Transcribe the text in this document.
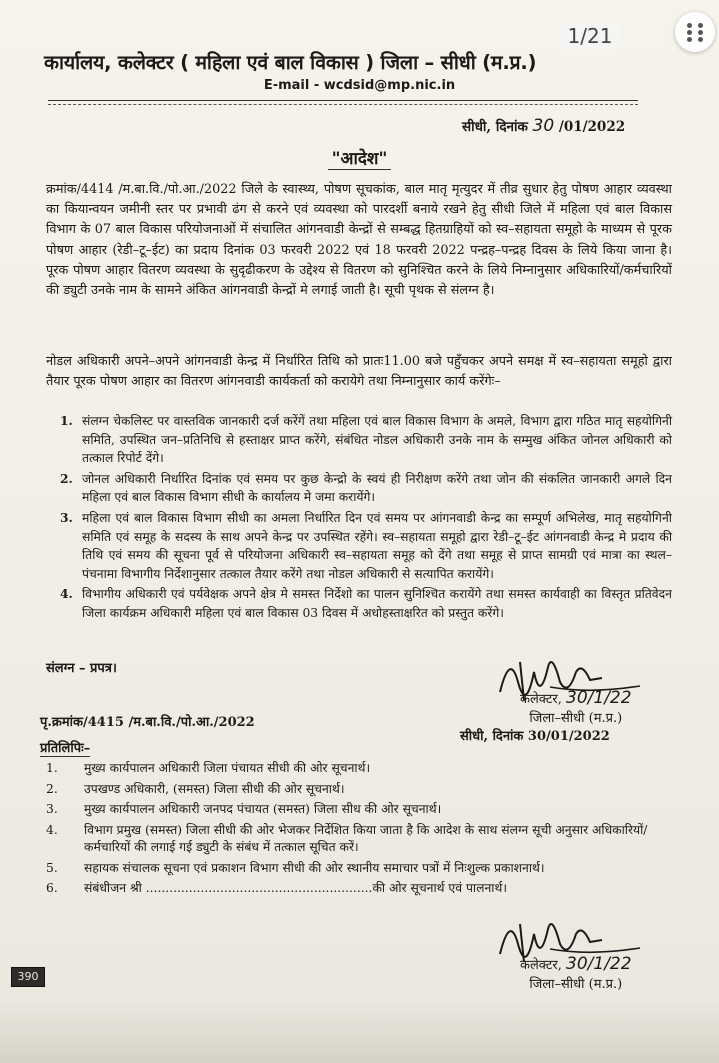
कार्यालय, कलेक्टर ( महिला एवं बाल विकास ) जिला – सीधी (म.प्र.)
E-mail - wcdsid@mp.nic.in
सीधी, दिनांक 30 /01/2022
"आदेश"
क्रमांक/4414 /म.बा.वि./पो.आ./2022 जिले के स्वास्थ्य, पोषण सूचकांक, बाल मातृ मृत्युदर में तीव्र सुधार हेतु पोषण आहार व्यवस्था का कियान्वयन जमीनी स्तर पर प्रभावी ढंग से करने एवं व्यवस्था को पारदर्शी बनाये रखने हेतु सीधी जिले में महिला एवं बाल विकास विभाग के 07 बाल विकास परियोजनाओं में संचालित आंगनवाडी केन्द्रों से सम्बद्ध हितग्राहियों को स्व–सहायता समूहो के माध्यम से पूरक पोषण आहार (रेडी–टू–ईट) का प्रदाय दिनांक 03 फरवरी 2022 एवं 18 फरवरी 2022 पन्द्रह–पन्द्रह दिवस के लिये किया जाना है। पूरक पोषण आहार वितरण व्यवस्था के सुदृढीकरण के उद्देश्य से वितरण को सुनिश्चित करने के लिये निम्नानुसार अधिकारियों/कर्मचारियों की ड्युटी उनके नाम के सामने अंकित आंगनवाडी केन्द्रों मे लगाई जाती है। सूची पृथक से संलग्न है।
नोडल अधिकारी अपने–अपने आंगनवाडी केन्द्र में निर्धारित तिथि को प्रातः11.00 बजे पहुँचकर अपने समक्ष में स्व–सहायता समूहो द्वारा तैयार पूरक पोषण आहार का वितरण आंगनवाडी कार्यकर्ता को करायेगे तथा निम्नानुसार कार्य करेंगेः–
1. संलग्न चेकलिस्ट पर वास्तविक जानकारी दर्ज करेंगें तथा महिला एवं बाल विकास विभाग के अमले, विभाग द्वारा गठित मातृ सहयोगिनी समिति, उपस्थित जन–प्रतिनिधि से हस्ताक्षर प्राप्त करेंगे, संबंधित नोडल अधिकारी उनके नाम के सम्मुख अंकित जोनल अधिकारी को तत्काल रिपोर्ट देंगे।
2. जोनल अधिकारी निर्धारित दिनांक एवं समय पर कुछ केन्द्रो के स्वयं ही निरीक्षण करेंगे तथा जोन की संकलित जानकारी अगले दिन महिला एवं बाल विकास विभाग सीधी के कार्यालय मे जमा करायेंगे।
3. महिला एवं बाल विकास विभाग सीधी का अमला निर्धारित दिन एवं समय पर आंगनवाडी केन्द्र का सम्पूर्ण अभिलेख, मातृ सहयोगिनी समिति एवं समूह के सदस्य के साथ अपने केन्द्र पर उपस्थित रहेंगे। स्व–सहायता समूहो द्वारा रेडी–टू–ईट आंगनवाडी केन्द्र मे प्रदाय की तिथि एवं समय की सूचना पूर्व से परियोजना अधिकारी स्व–सहायता समूह को देंगे तथा समूह से प्राप्त सामग्री एवं मात्रा का स्थल–पंचनामा विभागीय निर्देशानुसार तत्काल तैयार करेंगे तथा नोडल अधिकारी से सत्यापित करायेंगे।
4. विभागीय अधिकारी एवं पर्यवेक्षक अपने क्षेत्र मे समस्त निर्देशो का पालन सुनिश्चित करायेंगे तथा समस्त कार्यवाही का विस्तृत प्रतिवेदन जिला कार्यक्रम अधिकारी महिला एवं बाल विकास 03 दिवस में अधोहस्ताक्षरित को प्रस्तुत करेंगे।
संलग्न – प्रपत्र।
कलेक्टर, 30/1/22
जिला–सीधी (म.प्र.)
पृ.क्रमांक/4415 /म.बा.वि./पो.आ./2022
सीधी, दिनांक 30/01/2022
प्रतिलिपिः–
1. मुख्य कार्यपालन अधिकारी जिला पंचायत सीधी की ओर सूचनार्थ।
2. उपखण्ड अधिकारी, (समस्त) जिला सीधी की ओर सूचनार्थ।
3. मुख्य कार्यपालन अधिकारी जनपद पंचायत (समस्त) जिला सीध की ओर सूचनार्थ।
4. विभाग प्रमुख (समस्त) जिला सीधी की ओर भेजकर निर्देशित किया जाता है कि आदेश के साथ संलग्न सूची अनुसार अधिकारियों/कर्मचारियों की लगाई गई ड्युटी के संबंध में तत्काल सूचित करें।
5. सहायक संचालक सूचना एवं प्रकाशन विभाग सीधी की ओर स्थानीय समाचार पत्रों में निःशुल्क प्रकाशनार्थ।
6. संबंधीजन श्री ..........................................................की ओर सूचनार्थ एवं पालनार्थ।
कलेक्टर, 30/1/22
जिला–सीधी (म.प्र.)
390
1/21
